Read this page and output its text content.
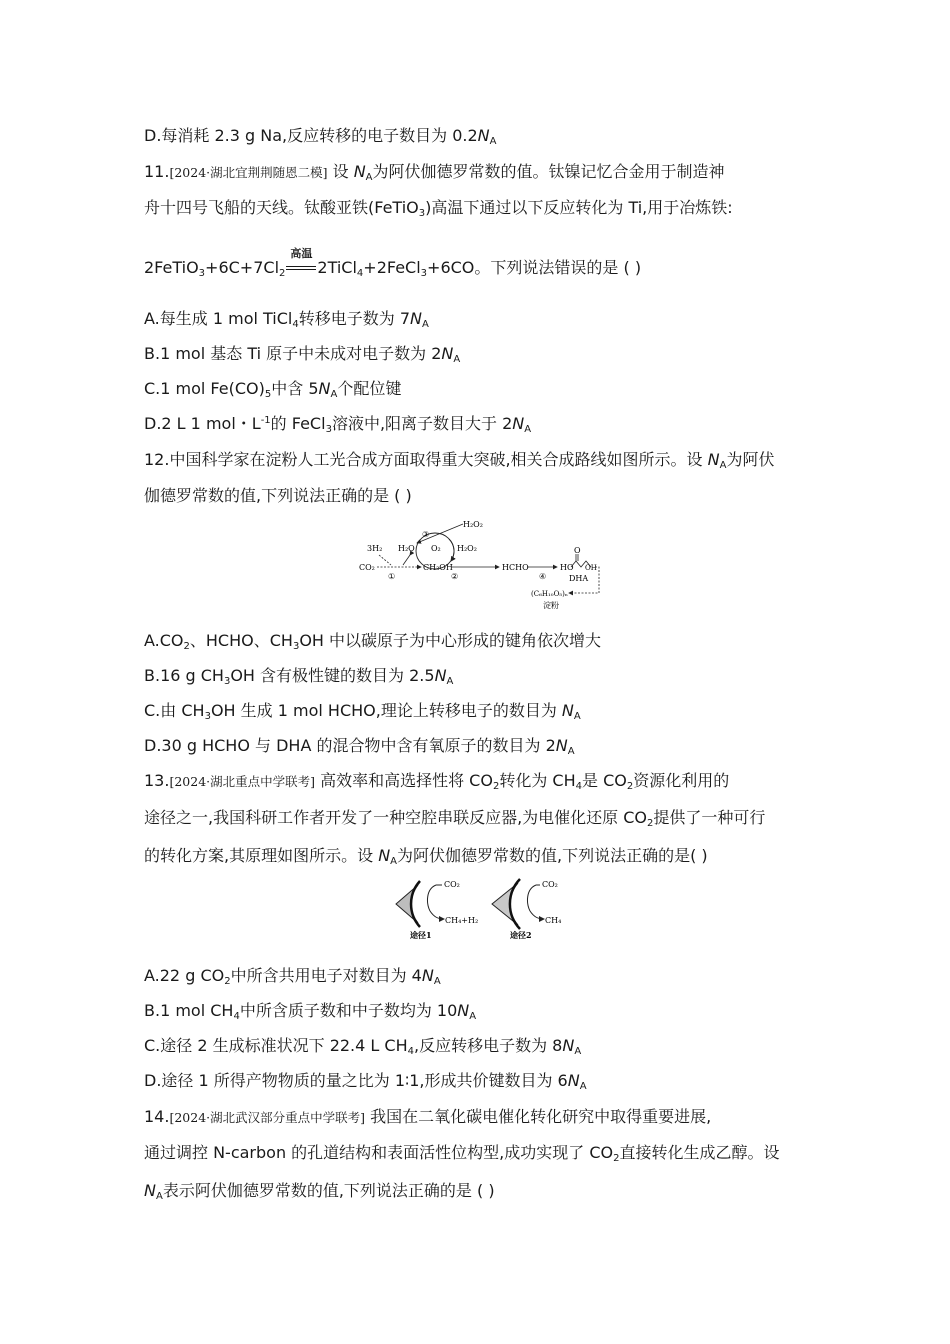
D.每消耗 2.3 g Na,反应转移的电子数目为 $0.2N_A$
11.[2024·湖北宜荆荆随恩二模] 设 $N_A$为阿伏伽德罗常数的值。钛镍记忆合金用于制造神
舟十四号飞船的天线。钛酸亚铁(FeTiO$_3$)高温下通过以下反应转化为 Ti,用于冶炼铁:
$2FeTiO_3+6C+7Cl_2$
高温
2TiCl$_4$+2FeCl$_3$+6CO。下列说法错误的是 ( )
A.每生成 1 mol TiCl$_4$转移电子数为 $7N_A$
B.1 mol 基态 Ti 原子中未成对电子数为 $2N_A$
C.1 mol $Fe(CO)_5$中含 $5N_A$个配位键
D.2 L 1 mol・$L^{-1}$的 FeCl$_3$溶液中,阳离子数目大于 $2N_A$
12.中国科学家在淀粉人工光合成方面取得重大突破,相关合成路线如图所示。设 $N_A$为阿伏
伽德罗常数的值,下列说法正确的是 ( )
3H₂
CO₂
①
H₂O
CH₃OH
O₂
③
H₂O₂
H₂O₂
②
HCHO
④
HO
O
OH
DHA
(C₆H₁₀O₅)ₙ
淀粉
$A.CO_2$、HCHO、$CH_3OH$ 中以碳原子为中心形成的键角依次增大
B.16 g $CH_3OH$ 含有极性键的数目为 $2.5N_A$
C.由 $CH_3OH$ 生成 1 mol HCHO,理论上转移电子的数目为 $N_A$
D.30 g HCHO 与 DHA 的混合物中含有氧原子的数目为 $2N_A$
13.[2024·湖北重点中学联考] 高效率和高选择性将 $CO_2$转化为 $CH_4$是 $CO_2$资源化利用的
途径之一,我国科研工作者开发了一种空腔串联反应器,为电催化还原 $CO_2$提供了一种可行
的转化方案,其原理如图所示。设 $N_A$为阿伏伽德罗常数的值,下列说法正确的是( )
CO₂
CH₄+H₂
途径1
CO₂
CH₄
途径2
A.22 g $CO_2$中所含共用电子对数目为 $4N_A$
B.1 mol $CH_4$中所含质子数和中子数均为 $10N_A$
C.途径 2 生成标准状况下 22.4 L $CH_4$,反应转移电子数为 $8N_A$
D.途径 1 所得产物物质的量之比为 1∶1,形成共价键数目为 $6N_A$
14.[2024·湖北武汉部分重点中学联考] 我国在二氧化碳电催化转化研究中取得重要进展,
通过调控 N-carbon 的孔道结构和表面活性位构型,成功实现了 $CO_2$直接转化生成乙醇。设
$N_A$表示阿伏伽德罗常数的值,下列说法正确的是 ( )
